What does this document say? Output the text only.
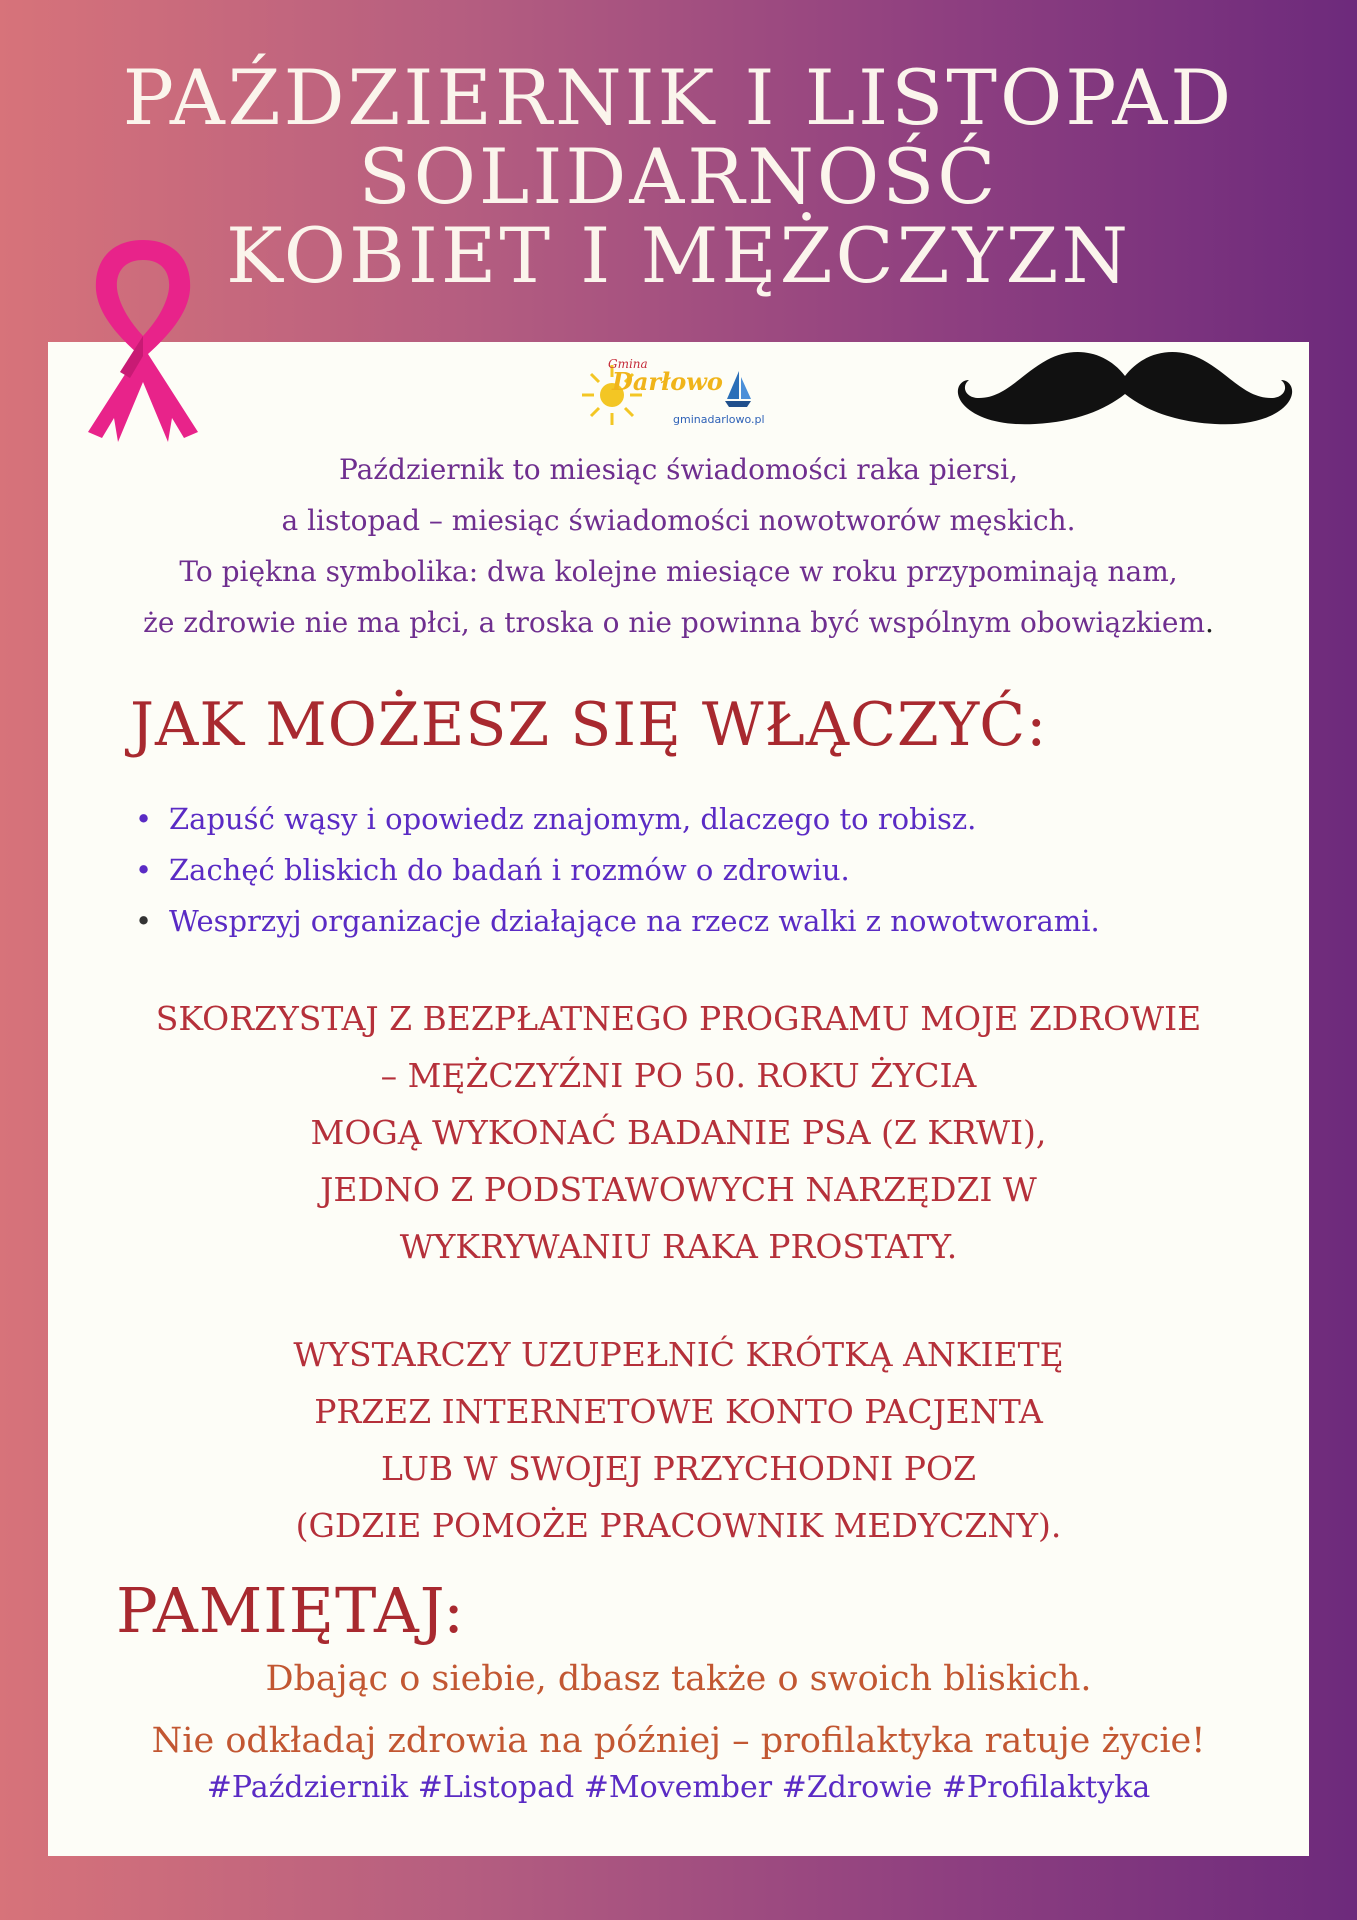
PAŹDZIERNIK I LISTOPAD
SOLIDARNOŚĆ
KOBIET I MĘŻCZYZN
Gmina
Darłowo
gminadarlowo.pl
Październik to miesiąc świadomości raka piersi,
a listopad – miesiąc świadomości nowotworów męskich.
To piękna symbolika: dwa kolejne miesiące w roku przypominają nam,
że zdrowie nie ma płci, a troska o nie powinna być wspólnym obowiązkiem.
JAK MOŻESZ SIĘ WŁĄCZYĆ:
• Zapuść wąsy i opowiedz znajomym, dlaczego to robisz.
• Zachęć bliskich do badań i rozmów o zdrowiu.
• Wesprzyj organizacje działające na rzecz walki z nowotworami.
SKORZYSTAJ Z BEZPŁATNEGO PROGRAMU MOJE ZDROWIE
– MĘŻCZYŹNI PO 50. ROKU ŻYCIA
MOGĄ WYKONAĆ BADANIE PSA (Z KRWI),
JEDNO Z PODSTAWOWYCH NARZĘDZI W
WYKRYWANIU RAKA PROSTATY.
WYSTARCZY UZUPEŁNIĆ KRÓTKĄ ANKIETĘ
PRZEZ INTERNETOWE KONTO PACJENTA
LUB W SWOJEJ PRZYCHODNI POZ
(GDZIE POMOŻE PRACOWNIK MEDYCZNY).
PAMIĘTAJ:
Dbając o siebie, dbasz także o swoich bliskich.
Nie odkładaj zdrowia na później – profilaktyka ratuje życie!
#Październik #Listopad #Movember #Zdrowie #Profilaktyka
